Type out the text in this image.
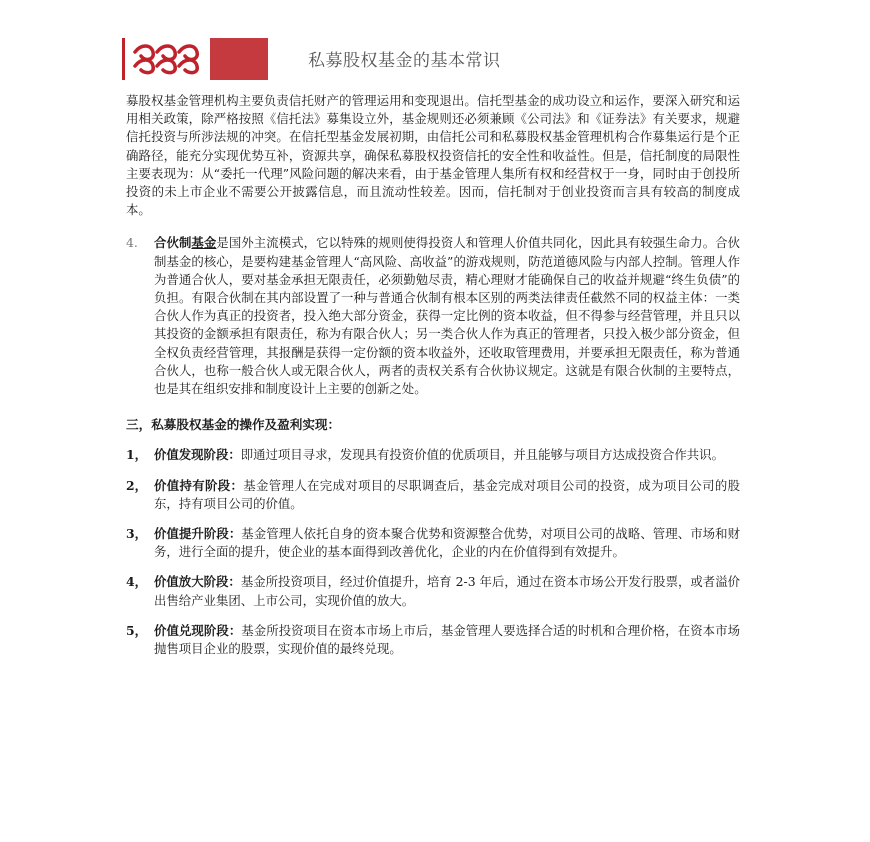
私募股权基金的基本常识

募股权基金管理机构主要负责信托财产的管理运用和变现退出。信托型基金的成功设立和运作，要深入研究和运用相关政策，除严格按照《信托法》募集设立外，基金规则还必须兼顾《公司法》和《证券法》有关要求，规避信托投资与所涉法规的冲突。在信托型基金发展初期，由信托公司和私募股权基金管理机构合作募集运行是个正确路径，能充分实现优势互补，资源共享，确保私募股权投资信托的安全性和收益性。但是，信托制度的局限性主要表现为：从“委托一代理”风险问题的解决来看，由于基金管理人集所有权和经营权于一身，同时由于创投所投资的未上市企业不需要公开披露信息，而且流动性较差。因而，信托制对于创业投资而言具有较高的制度成本。

4. 合伙制基金是国外主流模式，它以特殊的规则使得投资人和管理人价值共同化，因此具有较强生命力。合伙制基金的核心，是要构建基金管理人“高风险、高收益”的游戏规则，防范道德风险与内部人控制。管理人作为普通合伙人，要对基金承担无限责任，必须勤勉尽责，精心理财才能确保自己的收益并规避“终生负债”的负担。有限合伙制在其内部设置了一种与普通合伙制有根本区别的两类法律责任截然不同的权益主体：一类合伙人作为真正的投资者，投入绝大部分资金，获得一定比例的资本收益，但不得参与经营管理，并且只以其投资的金额承担有限责任，称为有限合伙人；另一类合伙人作为真正的管理者，只投入极少部分资金，但全权负责经营管理，其报酬是获得一定份额的资本收益外，还收取管理费用，并要承担无限责任，称为普通合伙人，也称一般合伙人或无限合伙人，两者的责权关系有合伙协议规定。这就是有限合伙制的主要特点，也是其在组织安排和制度设计上主要的创新之处。
三，私募股权基金的操作及盈利实现：
1， 价值发现阶段：即通过项目寻求，发现具有投资价值的优质项目，并且能够与项目方达成投资合作共识。
2， 价值持有阶段：基金管理人在完成对项目的尽职调查后，基金完成对项目公司的投资，成为项目公司的股东，持有项目公司的价值。
3， 价值提升阶段：基金管理人依托自身的资本聚合优势和资源整合优势，对项目公司的战略、管理、市场和财务，进行全面的提升，使企业的基本面得到改善优化，企业的内在价值得到有效提升。
4， 价值放大阶段：基金所投资项目，经过价值提升，培育 2-3 年后，通过在资本市场公开发行股票，或者溢价出售给产业集团、上市公司，实现价值的放大。
5， 价值兑现阶段：基金所投资项目在资本市场上市后，基金管理人要选择合适的时机和合理价格，在资本市场抛售项目企业的股票，实现价值的最终兑现。
